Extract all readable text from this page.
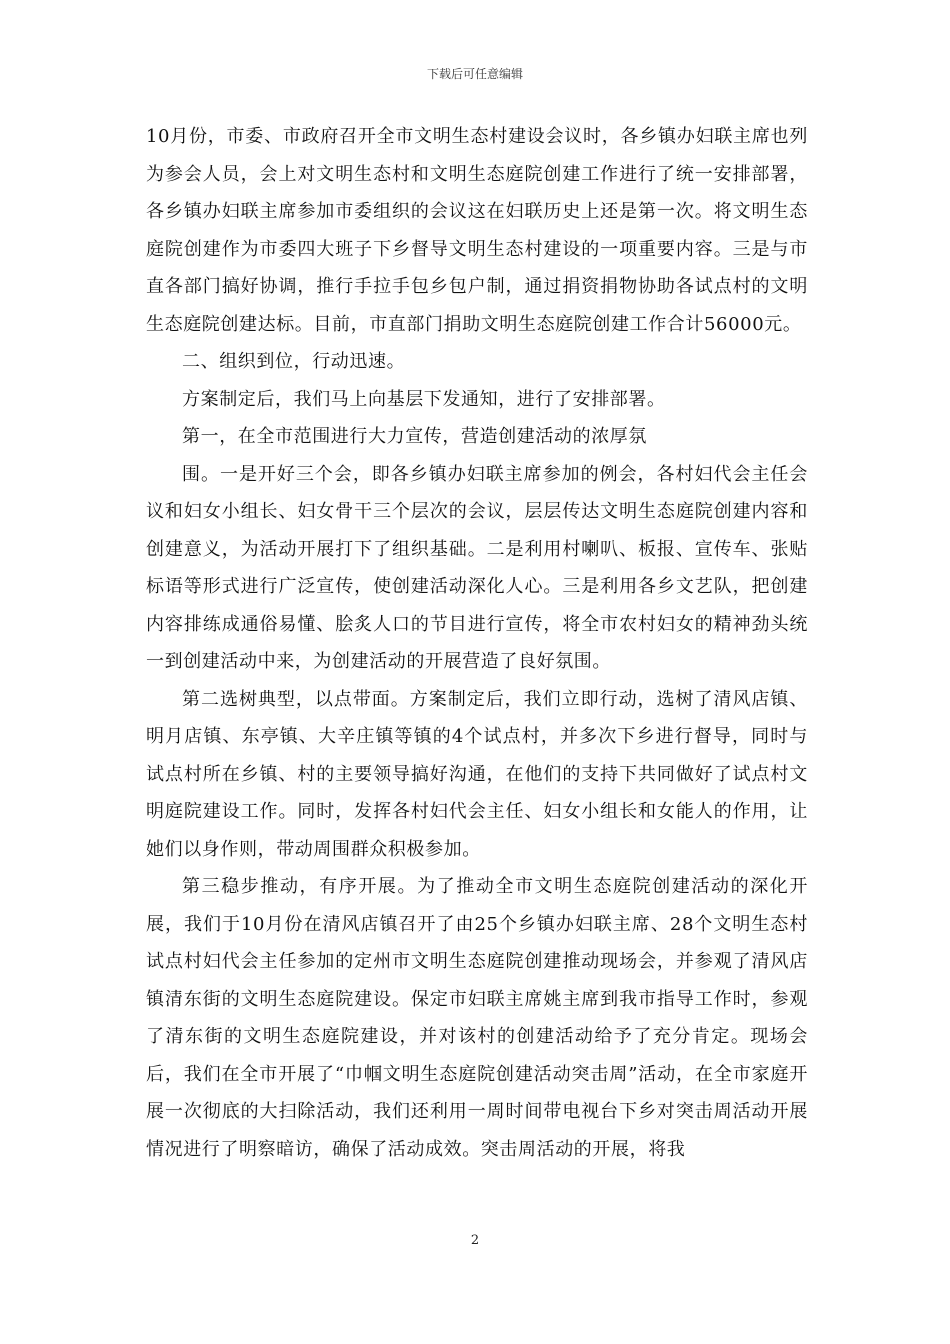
下载后可任意编辑

10月份，市委、市政府召开全市文明生态村建设会议时，各乡镇办妇联主席也列为参会人员，会上对文明生态村和文明生态庭院创建工作进行了统一安排部署，各乡镇办妇联主席参加市委组织的会议这在妇联历史上还是第一次。将文明生态庭院创建作为市委四大班子下乡督导文明生态村建设的一项重要内容。三是与市直各部门搞好协调，推行手拉手包乡包户制，通过捐资捐物协助各试点村的文明生态庭院创建达标。目前，市直部门捐助文明生态庭院创建工作合计56000元。

二、组织到位，行动迅速。

方案制定后，我们马上向基层下发通知，进行了安排部署。

第一，在全市范围进行大力宣传，营造创建活动的浓厚氛

围。一是开好三个会，即各乡镇办妇联主席参加的例会，各村妇代会主任会议和妇女小组长、妇女骨干三个层次的会议，层层传达文明生态庭院创建内容和创建意义，为活动开展打下了组织基础。二是利用村喇叭、板报、宣传车、张贴标语等形式进行广泛宣传，使创建活动深化人心。三是利用各乡文艺队，把创建内容排练成通俗易懂、脍炙人口的节目进行宣传，将全市农村妇女的精神劲头统一到创建活动中来，为创建活动的开展营造了良好氛围。

第二选树典型，以点带面。方案制定后，我们立即行动，选树了清风店镇、明月店镇、东亭镇、大辛庄镇等镇的4个试点村，并多次下乡进行督导，同时与试点村所在乡镇、村的主要领导搞好沟通，在他们的支持下共同做好了试点村文明庭院建设工作。同时，发挥各村妇代会主任、妇女小组长和女能人的作用，让她们以身作则，带动周围群众积极参加。

第三稳步推动，有序开展。为了推动全市文明生态庭院创建活动的深化开展，我们于10月份在清风店镇召开了由25个乡镇办妇联主席、28个文明生态村试点村妇代会主任参加的定州市文明生态庭院创建推动现场会，并参观了清风店镇清东街的文明生态庭院建设。保定市妇联主席姚主席到我市指导工作时，参观了清东街的文明生态庭院建设，并对该村的创建活动给予了充分肯定。现场会后，我们在全市开展了“巾帼文明生态庭院创建活动突击周”活动，在全市家庭开展一次彻底的大扫除活动，我们还利用一周时间带电视台下乡对突击周活动开展情况进行了明察暗访，确保了活动成效。突击周活动的开展，将我

2
